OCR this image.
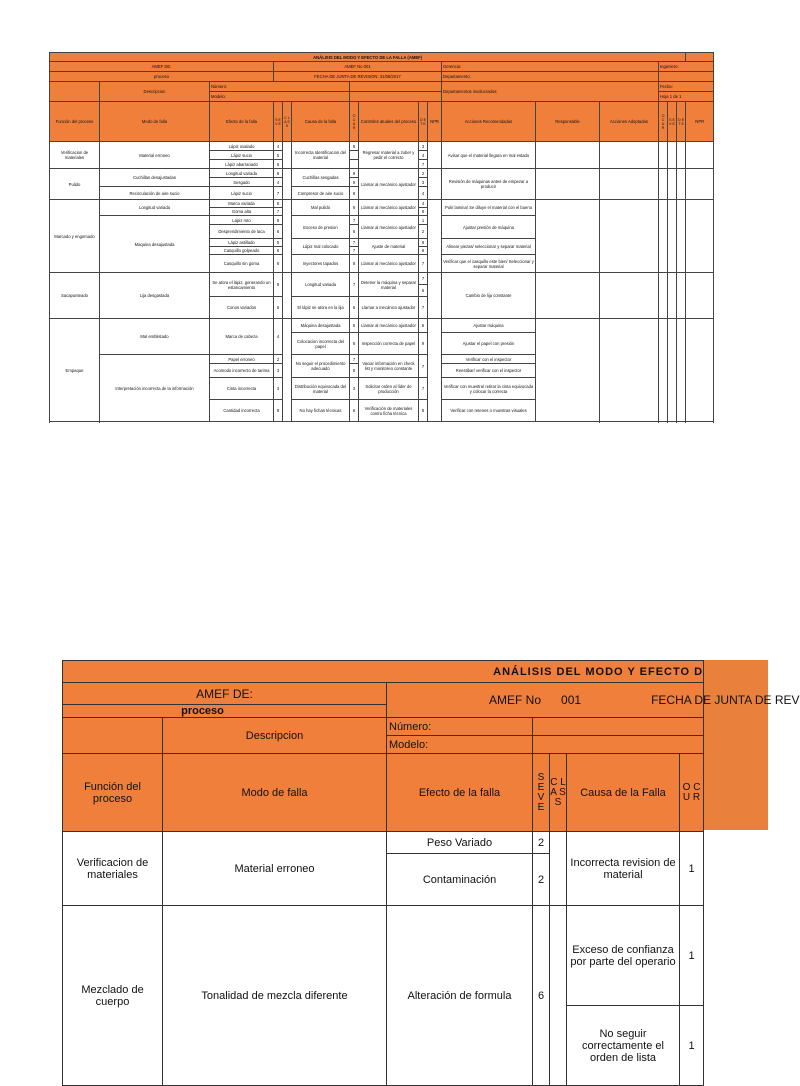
ANÁLISIS DEL MODO Y EFECTO DE LA FALLA (AMEF)																
AMEF DE:			AMEF No 001							Gerencia:			Ingeniero:			
proceso			FECHA DE JUNTA DE REVISION: 31/08/2017							Departamento:						
	Descripcion	Número:								Departamentos involucrados:			Fecha:			
		Modelo:											Hoja 1 de 1			
Función del proceso	Modo de falla	Efecto de la falla	S E V E	C L A S S	Causa de la falla	O C U R	Controles atuales del proceso	D E T E	NPR	Acciones Recomendadas	Responsable	Acciones Adoptadas	O C U R	S E V E	D E T E	NPR
Verificacion de materiales	Material erroneo	Lápiz ovalado	4		Incorrecta Identificacion del material	8	Regresar material a zuber y pedir el correcto	3		Avisar que el material llegara en mal estado						
		Lápiz sucio	5					4								
		Lápiz abarranado	6					7								
Pulido	Cuchillas desajustadas	Longitud variada	8		Cuchillas sesgadas	9	Llamar al mecánico ajustador	2		Revisión de máquinas antes de empezar a producir						
		Sesgado	4			9		3								
	Recirculación de aire sucio	Lápiz sucio	7		Compresor de aire sucio	8		4								
Marcado y engomado	Longitud variada	Marca variada	8		Mal pulido	6	Llamar al mecánico ajustador	4		Pulir lamina/ Se diluye el material con el bueno						
		Goma alta	7					8								
	Maquina desajustada	Lápiz roto	8		Exceso de presion	7	Llamar al mecánico ajustador	1		Ajustar presión de máquina						
		Desprendimiento de laca	6			6		2								
		Lápiz astillado	5		Lápiz mal colocado	7	Ajuste de material	8		Alinear piezas/ seleccionar y separar material						
		Casquillo golpeado	8			7		8								
		Casquillo sin goma	6		Inyectores tapados	8	Llamar al mecánico ajustador	7		Verificar que el casquillo este bien/ Seleccionar y separar material						

Sacapunteado	Lija desgastada	Se atora el lápiz, generando un estancamiento	8		Longitud variada	7	Detener la máquina y separar material	7		Cambio de lija constante						
								6								
		Conos variados	8		El lápiz se atora en la lija	6	Llamar a mecánico ajustador	7								
Empaque	Mal emblistado	Marca de cabeza	4		Máquina desajustada	5	Llamar al mecánico ajustador	6		Ajustar máquina						
					Colocacion incorrecta del papel	6	Inspección correcta de papel	9		Ajustar el papel con presión						
	Interpretación incorrecta de la información	Papel erroneo	2		No seguir el procedimiento adecuado	7	Vaciar información en check list y monitoreo constante	7		Verificar con el inspector						
		Acomodo incorrecto de tarima	3			5				Reestibar/ verificar con el inspector						
		Cinta incorrecta	3		Distribución equivocada del material	3	Solicitar orden al líder de producción	7		Verificar con muestra/ retirar la cinta equivocada y colocar la correcta						
		Cantidad incorrecta	8		No hay fichas técnicas	6	Verificación de materiales contra ficha técnica	8		Verificar con retenes o muestras visuales						

ANÁLISIS DEL MODO Y EFECTO D						
AMEF DE:		AMEF No 001 FECHA DE JUNTA DE REV				
proceso						
	Descripcion	Número:				
		Modelo:				
Función del proceso	Modo de falla	Efecto de la falla	S E V E	C L A S S	Causa de la Falla	O C U R
Verificacion de materiales	Material erroneo	Peso Variado	2		Incorrecta revision de material	1
		Contaminación	2			
Mezclado de cuerpo	Tonalidad de mezcla diferente	Alteración de formula	6		Exceso de confianza por parte del operario	1
					No seguir correctamente el orden de lista	1
